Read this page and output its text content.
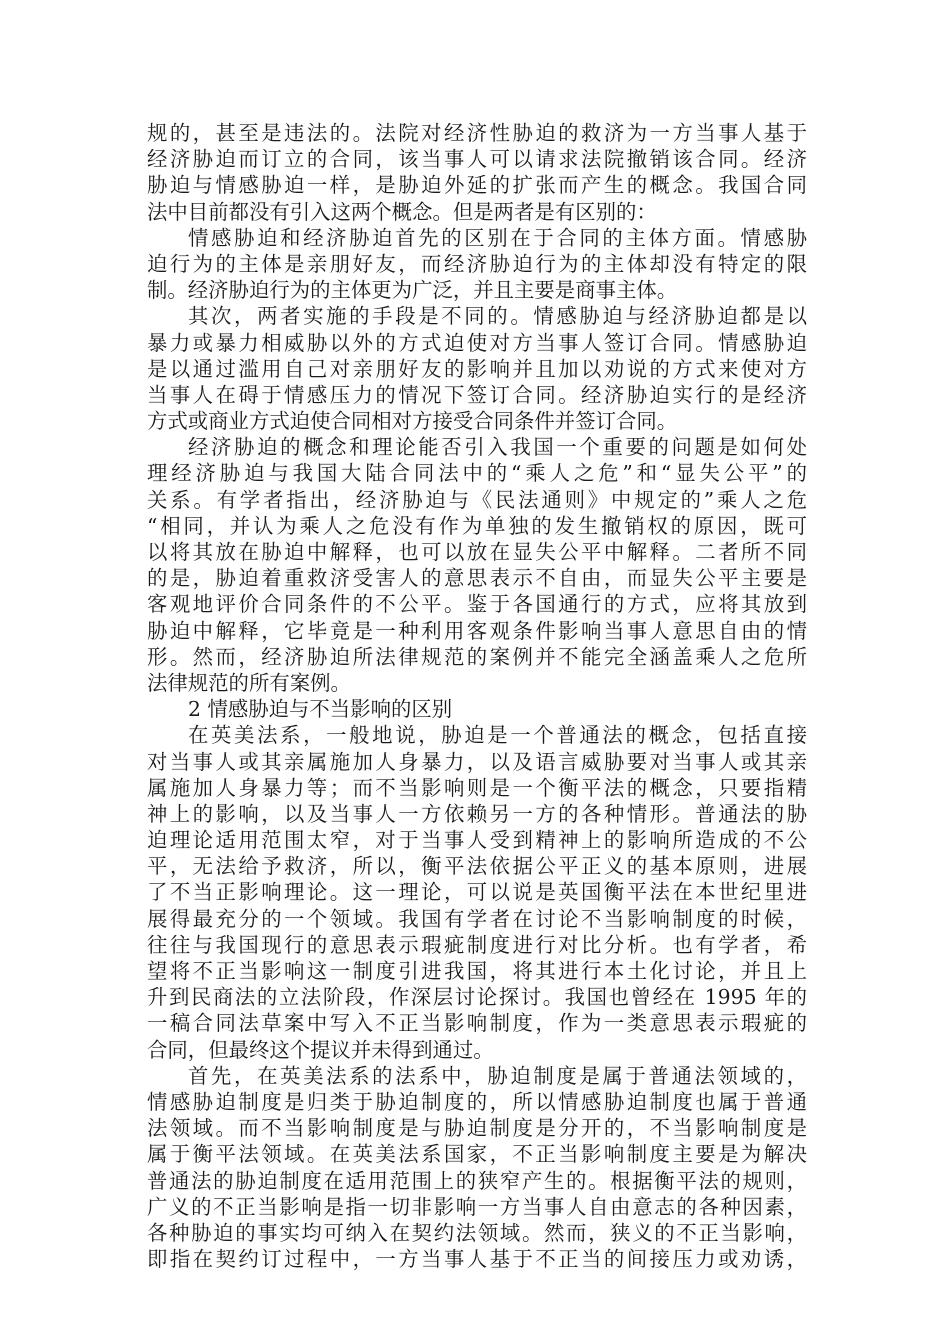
规的，甚至是违法的。法院对经济性胁迫的救济为一方当事人基于
经济胁迫而订立的合同，该当事人可以请求法院撤销该合同。经济
胁迫与情感胁迫一样，是胁迫外延的扩张而产生的概念。我国合同
法中目前都没有引入这两个概念。但是两者是有区别的：
情感胁迫和经济胁迫首先的区别在于合同的主体方面。情感胁
迫行为的主体是亲朋好友，而经济胁迫行为的主体却没有特定的限
制。经济胁迫行为的主体更为广泛，并且主要是商事主体。
其次，两者实施的手段是不同的。情感胁迫与经济胁迫都是以
暴力或暴力相威胁以外的方式迫使对方当事人签订合同。情感胁迫
是以通过滥用自己对亲朋好友的影响并且加以劝说的方式来使对方
当事人在碍于情感压力的情况下签订合同。经济胁迫实行的是经济
方式或商业方式迫使合同相对方接受合同条件并签订合同。
经济胁迫的概念和理论能否引入我国一个重要的问题是如何处
理经济胁迫与我国大陆合同法中的“乘人之危”和“显失公平”的
关系。有学者指出，经济胁迫与《民法通则》中规定的”乘人之危
“相同，并认为乘人之危没有作为单独的发生撤销权的原因，既可
以将其放在胁迫中解释，也可以放在显失公平中解释。二者所不同
的是，胁迫着重救济受害人的意思表示不自由，而显失公平主要是
客观地评价合同条件的不公平。鉴于各国通行的方式，应将其放到
胁迫中解释，它毕竟是一种利用客观条件影响当事人意思自由的情
形。然而，经济胁迫所法律规范的案例并不能完全涵盖乘人之危所
法律规范的所有案例。
2 情感胁迫与不当影响的区别
在英美法系，一般地说，胁迫是一个普通法的概念，包括直接
对当事人或其亲属施加人身暴力，以及语言威胁要对当事人或其亲
属施加人身暴力等；而不当影响则是一个衡平法的概念，只要指精
神上的影响，以及当事人一方依赖另一方的各种情形。普通法的胁
迫理论适用范围太窄，对于当事人受到精神上的影响所造成的不公
平，无法给予救济，所以，衡平法依据公平正义的基本原则，进展
了不当正影响理论。这一理论，可以说是英国衡平法在本世纪里进
展得最充分的一个领域。我国有学者在讨论不当影响制度的时候，
往往与我国现行的意思表示瑕疵制度进行对比分析。也有学者，希
望将不正当影响这一制度引进我国，将其进行本土化讨论，并且上
升到民商法的立法阶段，作深层讨论探讨。我国也曾经在 1995 年的
一稿合同法草案中写入不正当影响制度，作为一类意思表示瑕疵的
合同，但最终这个提议并未得到通过。
首先，在英美法系的法系中，胁迫制度是属于普通法领域的，
情感胁迫制度是归类于胁迫制度的，所以情感胁迫制度也属于普通
法领域。而不当影响制度是与胁迫制度是分开的，不当影响制度是
属于衡平法领域。在英美法系国家，不正当影响制度主要是为解决
普通法的胁迫制度在适用范围上的狭窄产生的。根据衡平法的规则，
广义的不正当影响是指一切非影响一方当事人自由意志的各种因素，
各种胁迫的事实均可纳入在契约法领域。然而，狭义的不正当影响，
即指在契约订过程中，一方当事人基于不正当的间接压力或劝诱，
